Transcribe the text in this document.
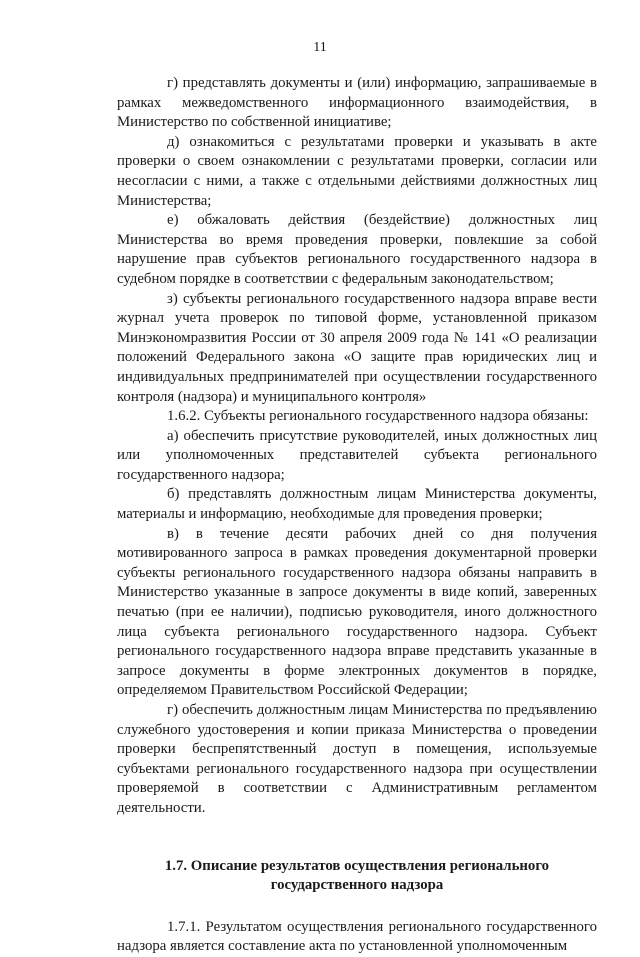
11

г) представлять документы и (или) информацию, запрашиваемые в рамках межведомственного информационного взаимодействия, в Министерство по собственной инициативе;

д) ознакомиться с результатами проверки и указывать в акте проверки о своем ознакомлении с результатами проверки, согласии или несогласии с ними, а также с отдельными действиями должностных лиц Министерства;

е) обжаловать действия (бездействие) должностных лиц Министерства во время проведения проверки, повлекшие за собой нарушение прав субъектов регионального государственного надзора в судебном порядке в соответствии с федеральным законодательством;

з) субъекты регионального государственного надзора вправе вести журнал учета проверок по типовой форме, установленной приказом Минэкономразвития России от 30 апреля 2009 года № 141 «О реализации положений Федерального закона «О защите прав юридических лиц и индивидуальных предпринимателей при осуществлении государственного контроля (надзора) и муниципального контроля»

1.6.2. Субъекты регионального государственного надзора обязаны:

а) обеспечить присутствие руководителей, иных должностных лиц или уполномоченных представителей субъекта регионального государственного надзора;

б) представлять должностным лицам Министерства документы, материалы и информацию, необходимые для проведения проверки;

в) в течение десяти рабочих дней со дня получения мотивированного запроса в рамках проведения документарной проверки субъекты регионального государственного надзора обязаны направить в Министерство указанные в запросе документы в виде копий, заверенных печатью (при ее наличии), подписью руководителя, иного должностного лица субъекта регионального государственного надзора. Субъект регионального государственного надзора вправе представить указанные в запросе документы в форме электронных документов в порядке, определяемом Правительством Российской Федерации;

г) обеспечить должностным лицам Министерства по предъявлению служебного удостоверения и копии приказа Министерства о проведении проверки беспрепятственный доступ в помещения, используемые субъектами регионального государственного надзора при осуществлении проверяемой в соответствии с Административным регламентом деятельности.

1.7. Описание результатов осуществления регионального
государственного надзора

1.7.1. Результатом осуществления регионального государственного надзора является составление акта по установленной уполномоченным
